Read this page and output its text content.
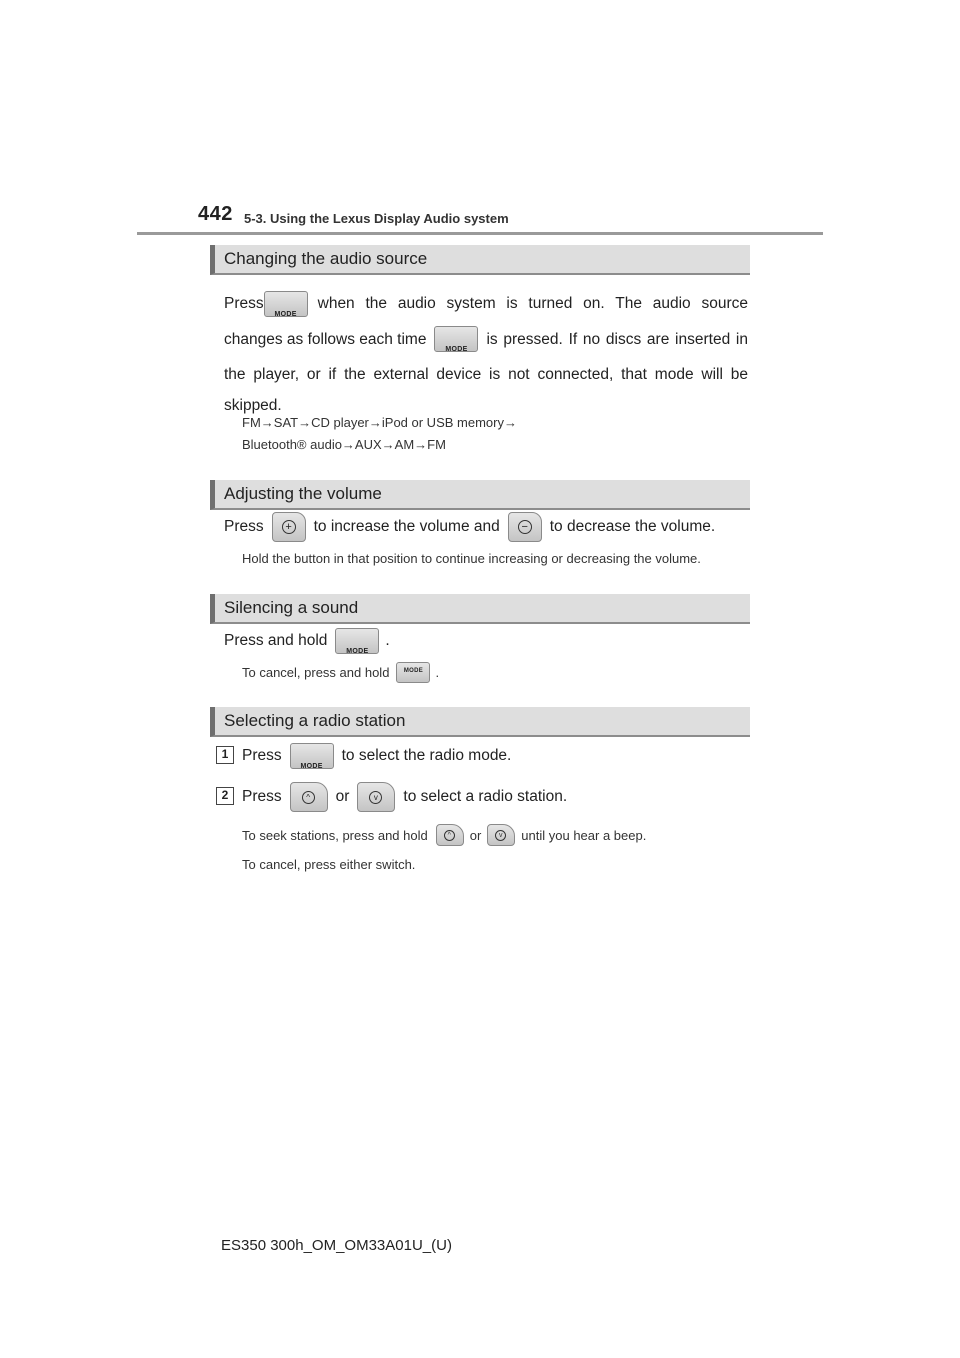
442 5-3. Using the Lexus Display Audio system
Changing the audio source
Press
MODE
when the audio system is turned on. The audio source
changes as follows each time
MODE
is pressed. If no discs are inserted in
the player, or if the external device is not connected, that mode will be
skipped.
FM→SAT→CD player→iPod or USB memory→
Bluetooth® audio→AUX→AM→FM
Adjusting the volume
Press	+ to increase the volume and	− to decrease the volume.
Hold the button in that position to continue increasing or decreasing the volume.
Silencing a sound
Press and hold
MODE
.
To cancel, press and hold	MODE .
Selecting a radio station
1 Press
MODE
to select the radio mode.
2 Press	^ or	v to select a radio station.
To seek stations, press and hold	^ or	v until you hear a beep.
To cancel, press either switch.
ES350 300h_OM_OM33A01U_(U)
